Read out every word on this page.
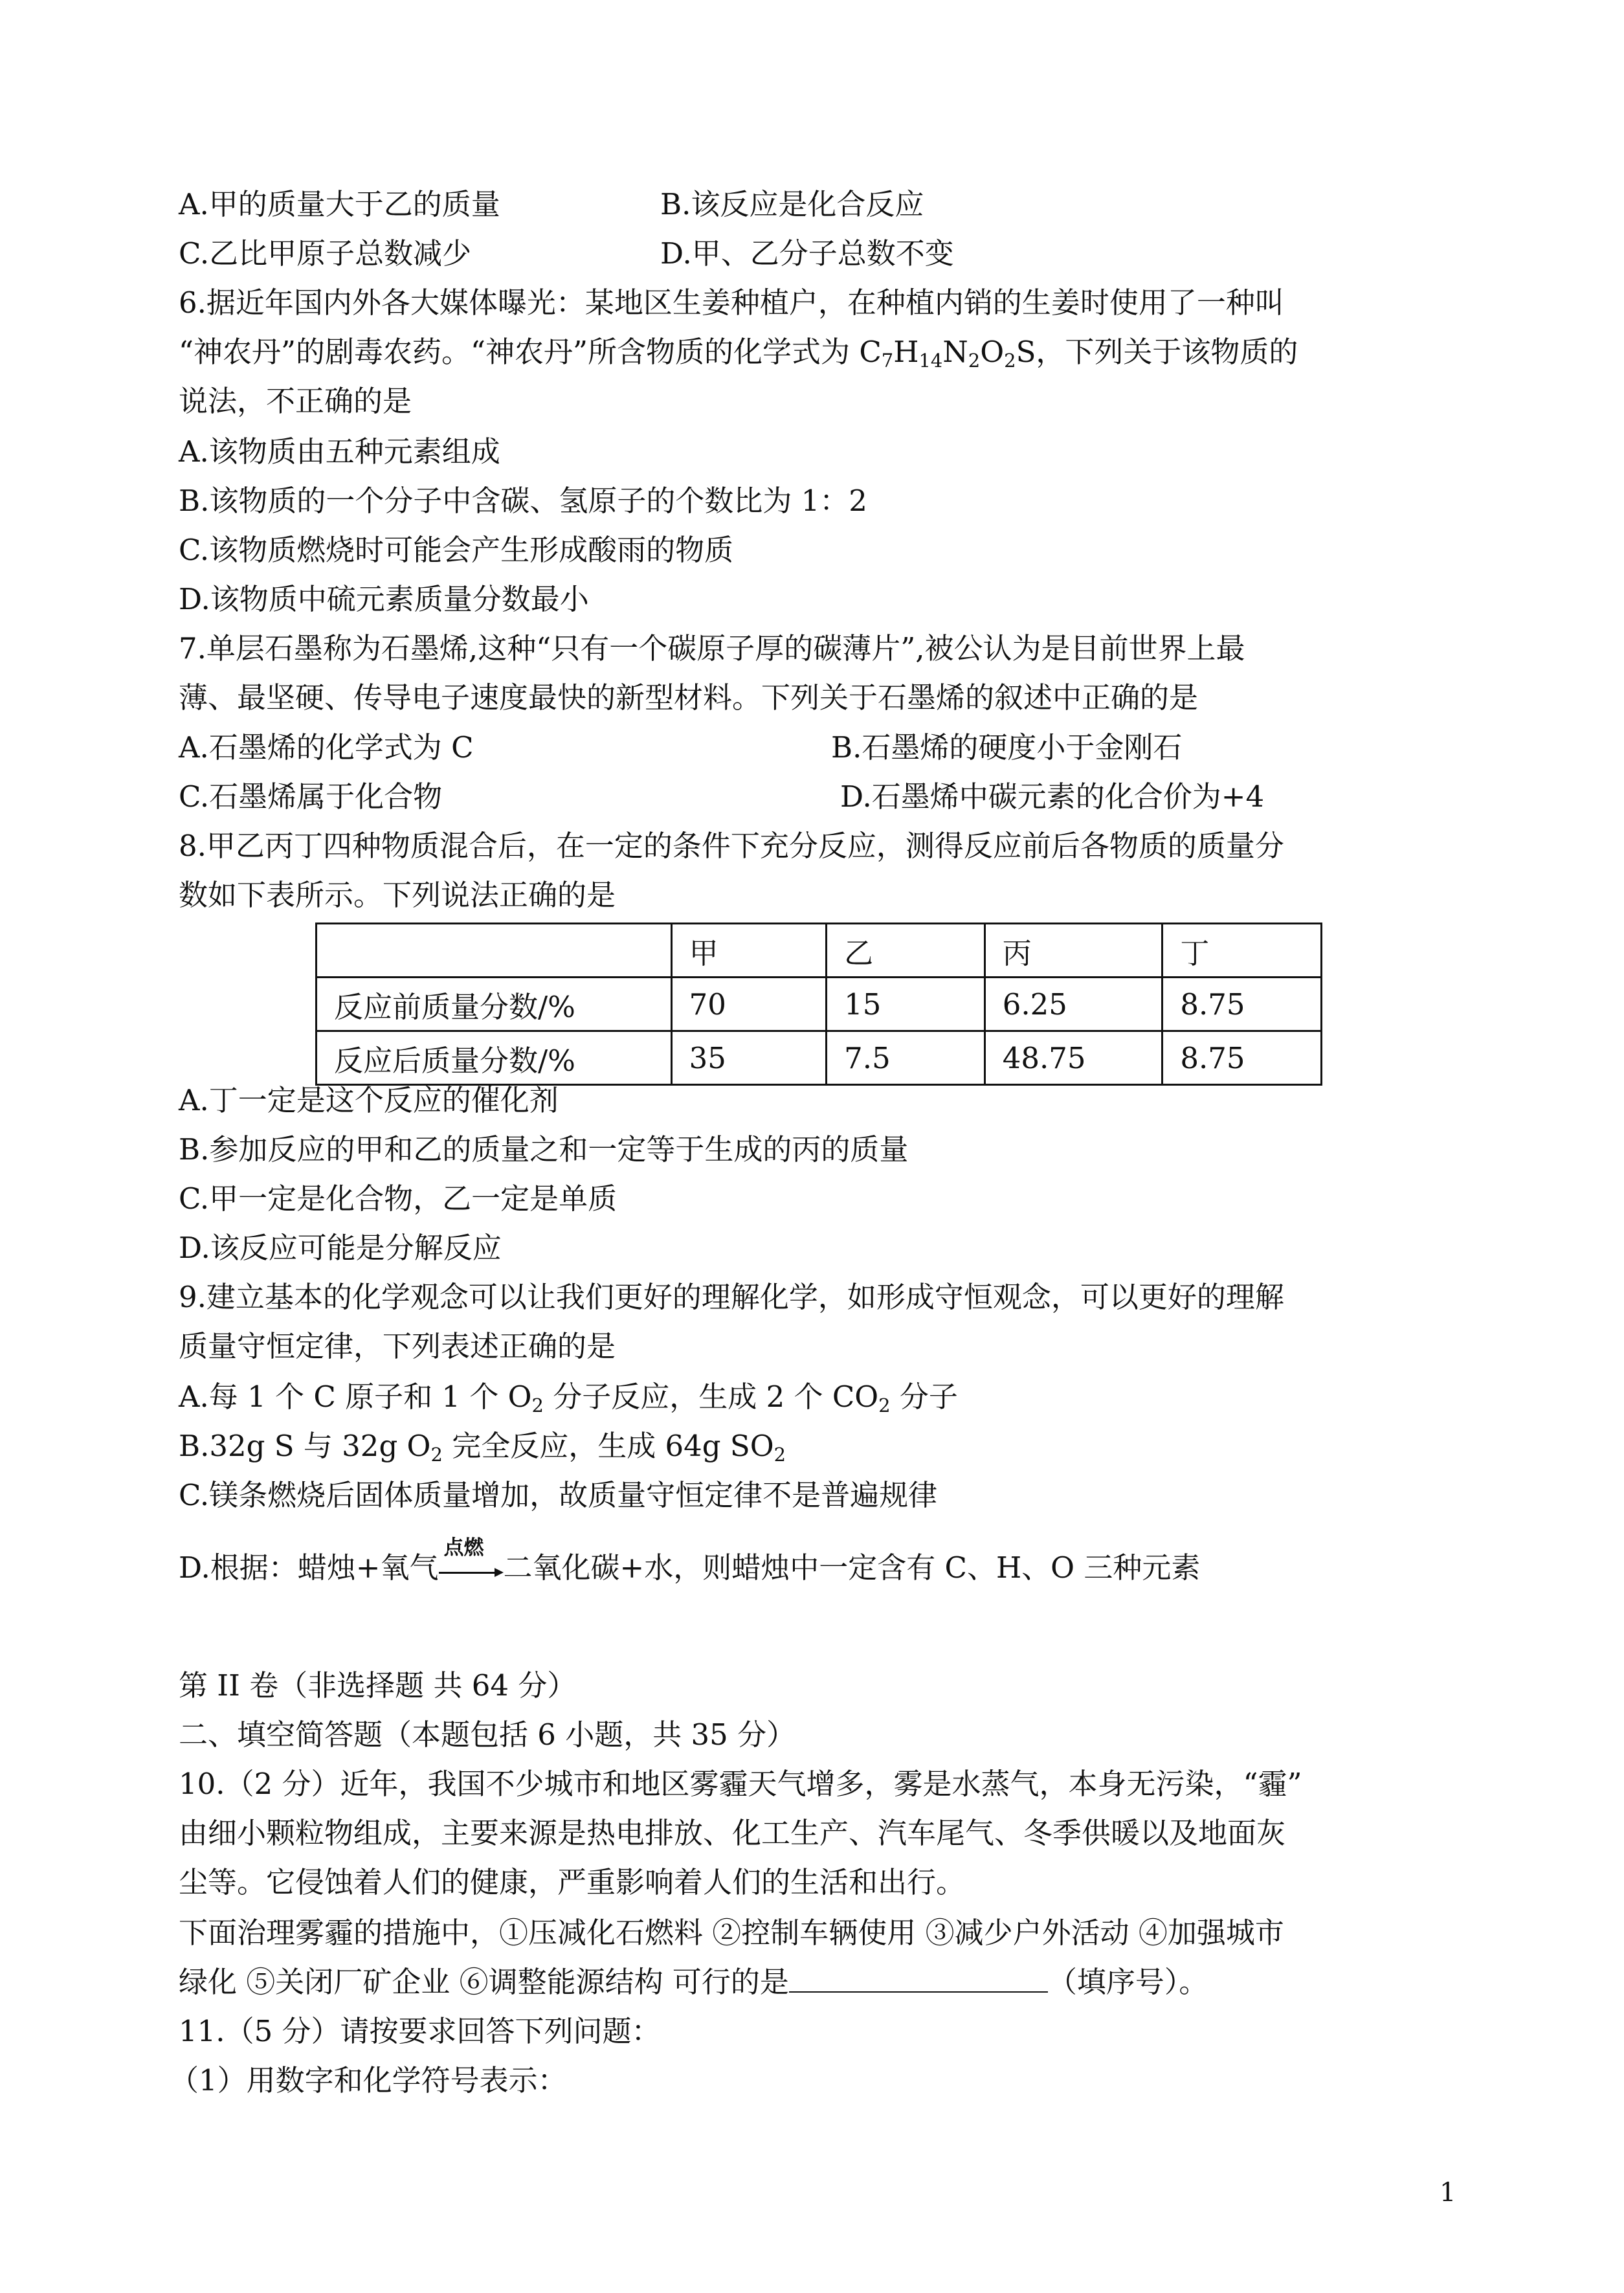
A.甲的质量大于乙的质量	B.该反应是化合反应
C.乙比甲原子总数减少	D.甲、乙分子总数不变
6.据近年国内外各大媒体曝光：某地区生姜种植户，在种植内销的生姜时使用了一种叫
“神农丹”的剧毒农药。“神农丹”所含物质的化学式为 $C_7H_{14}N_2O_2S$，下列关于该物质的
说法，不正确的是
A.该物质由五种元素组成
B.该物质的一个分子中含碳、氢原子的个数比为 1：2
C.该物质燃烧时可能会产生形成酸雨的物质
D.该物质中硫元素质量分数最小
7.单层石墨称为石墨烯,这种“只有一个碳原子厚的碳薄片”,被公认为是目前世界上最
薄、最坚硬、传导电子速度最快的新型材料。下列关于石墨烯的叙述中正确的是
A.石墨烯的化学式为 C	B.石墨烯的硬度小于金刚石
C.石墨烯属于化合物	D.石墨烯中碳元素的化合价为+4
8.甲乙丙丁四种物质混合后，在一定的条件下充分反应，测得反应前后各物质的质量分
数如下表所示。下列说法正确的是
	甲	乙	丙	丁
反应前质量分数/%	70	15	6.25	8.75
反应后质量分数/%	35	7.5	48.75	8.75
A.丁一定是这个反应的催化剂
B.参加反应的甲和乙的质量之和一定等于生成的丙的质量
C.甲一定是化合物，乙一定是单质
D.该反应可能是分解反应
9.建立基本的化学观念可以让我们更好的理解化学，如形成守恒观念，可以更好的理解
质量守恒定律，下列表述正确的是
A.每 1 个 C 原子和 1 个 $O_2$ 分子反应，生成 2 个 $CO_2$ 分子
B.32g S 与 32g $O_2$ 完全反应，生成 64g $SO_2$
C.镁条燃烧后固体质量增加，故质量守恒定律不是普遍规律
D.根据：蜡烛+氧气
点燃
二氧化碳+水，则蜡烛中一定含有 C、H、O 三种元素
第 II 卷（非选择题 共 64 分）
二、填空简答题（本题包括 6 小题，共 35 分）
10.（2 分）近年，我国不少城市和地区雾霾天气增多，雾是水蒸气，本身无污染，“霾”
由细小颗粒物组成，主要来源是热电排放、化工生产、汽车尾气、冬季供暖以及地面灰
尘等。它侵蚀着人们的健康，严重影响着人们的生活和出行。
下面治理雾霾的措施中，①压减化石燃料 ②控制车辆使用 ③减少户外活动 ④加强城市
绿化 ⑤关闭厂矿企业 ⑥调整能源结构 可行的是	（填序号）。
11.（5 分）请按要求回答下列问题：
（1）用数字和化学符号表示：
1
